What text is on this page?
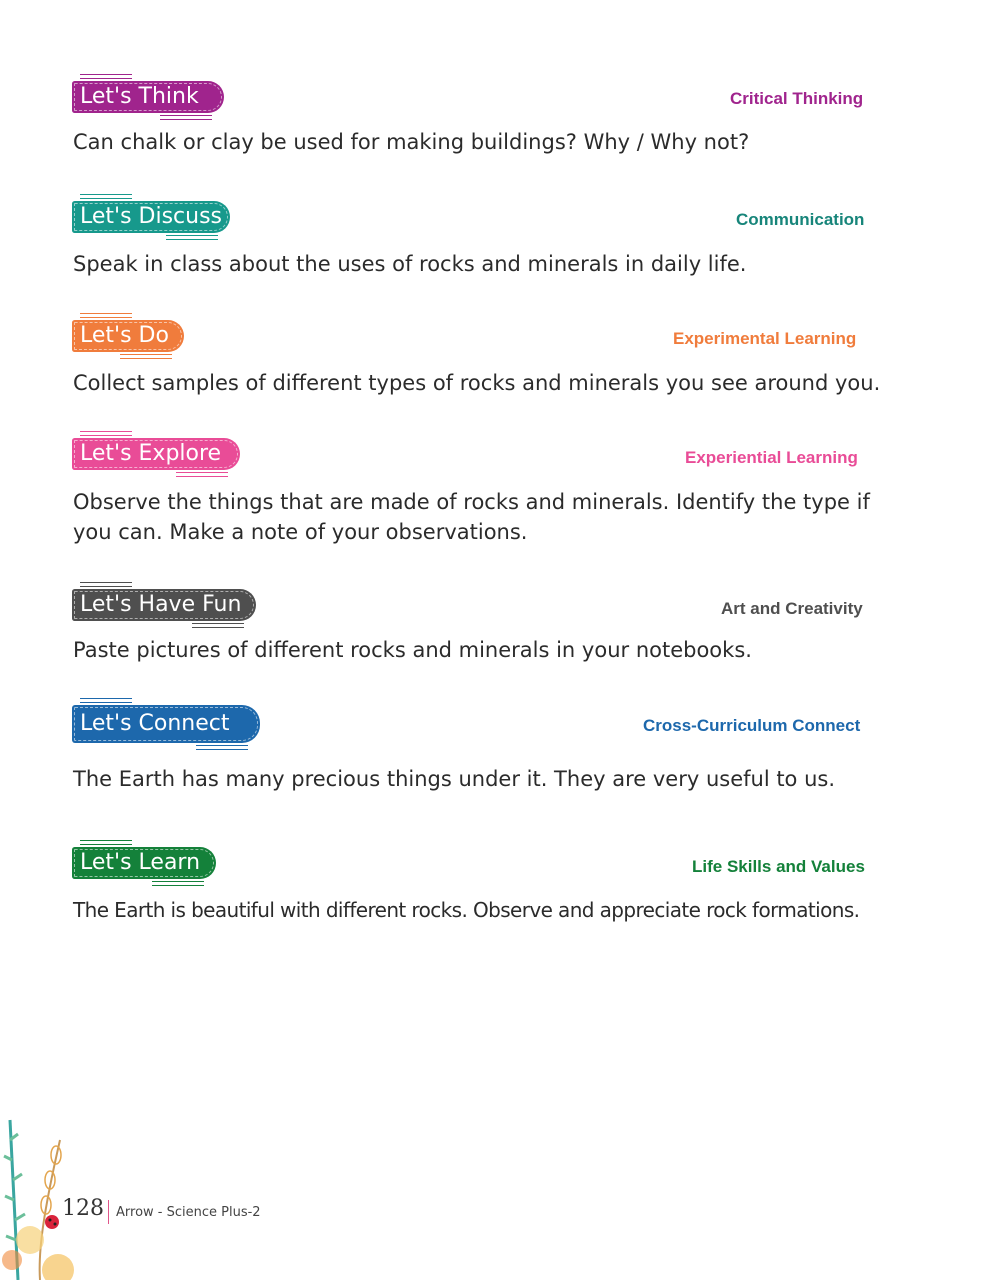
Let's Think	Critical Thinking
Can chalk or clay be used for making buildings? Why / Why not?
Let's Discuss	Communication
Speak in class about the uses of rocks and minerals in daily life.
Let's Do	Experimental Learning
Collect samples of different types of rocks and minerals you see around you.
Let's Explore	Experiential Learning
Observe the things that are made of rocks and minerals. Identify the type if you can. Make a note of your observations.
Let's Have Fun	Art and Creativity
Paste pictures of different rocks and minerals in your notebooks.
Let's Connect	Cross-Curriculum Connect
The Earth has many precious things under it. They are very useful to us.
Let's Learn	Life Skills and Values
The Earth is beautiful with different rocks. Observe and appreciate rock formations.
128 Arrow - Science Plus-2
